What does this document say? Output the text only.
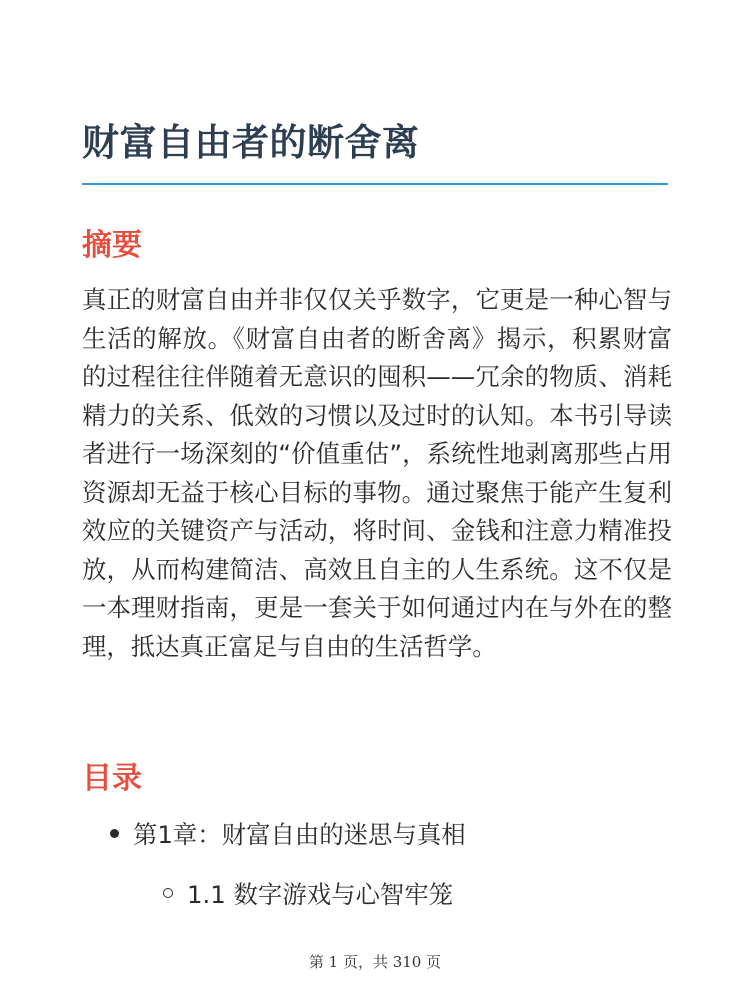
财富自由者的断舍离
摘要

真正的财富自由并非仅仅关乎数字，它更是一种心智与生活的解放。《财富自由者的断舍离》揭示，积累财富的过程往往伴随着无意识的囤积——冗余的物质、消耗精力的关系、低效的习惯以及过时的认知。本书引导读者进行一场深刻的“价值重估”，系统性地剥离那些占用资源却无益于核心目标的事物。通过聚焦于能产生复利效应的关键资产与活动，将时间、金钱和注意力精准投放，从而构建简洁、高效且自主的人生系统。这不仅是一本理财指南，更是一套关于如何通过内在与外在的整理，抵达真正富足与自由的生活哲学。

目录
第1章：财富自由的迷思与真相
1.1 数字游戏与心智牢笼
第 1 页，共 310 页
